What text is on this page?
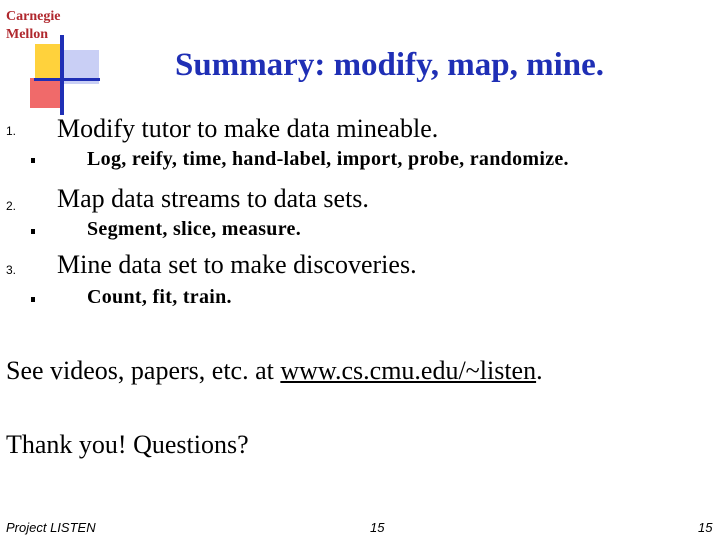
Carnegie
Mellon
Summary: modify, map, mine.
1. Modify tutor to make data mineable.
Log, reify, time, hand-label, import, probe, randomize.
2. Map data streams to data sets.
Segment, slice, measure.
3. Mine data set to make discoveries.
Count, fit, train.
See videos, papers, etc. at www.cs.cmu.edu/~listen.
Thank you! Questions?
Project LISTEN	15	15
